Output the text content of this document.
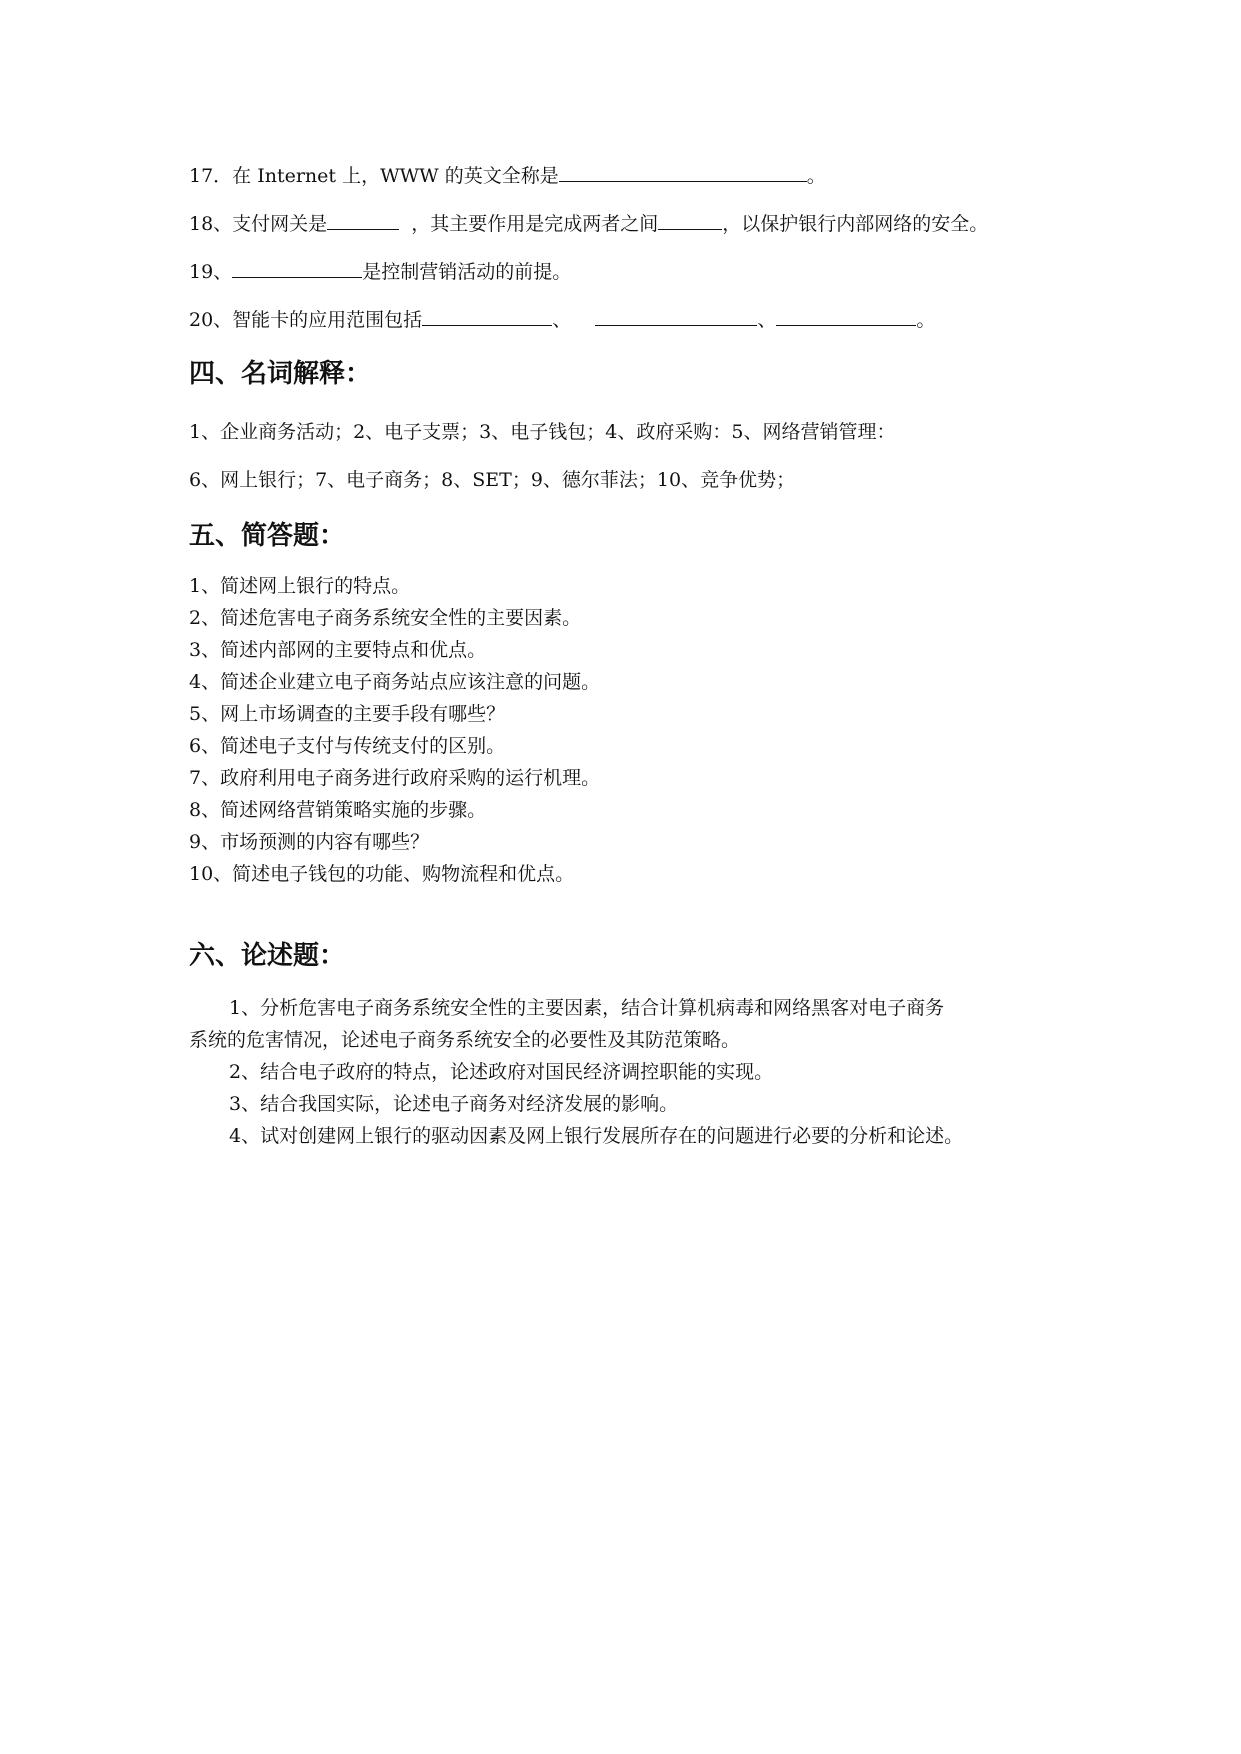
17．在 Internet 上，WWW 的英文全称是	。
18、支付网关是	，其主要作用是完成两者之间	，以保护银行内部网络的安全。
19、	是控制营销活动的前提。
20、智能卡的应用范围包括	、	、	。
四、名词解释：
1、企业商务活动；2、电子支票；3、电子钱包；4、政府采购：5、网络营销管理：
6、网上银行；7、电子商务；8、SET；9、德尔菲法；10、竞争优势；
五、简答题：
1、简述网上银行的特点。
2、简述危害电子商务系统安全性的主要因素。
3、简述内部网的主要特点和优点。
4、简述企业建立电子商务站点应该注意的问题。
5、网上市场调查的主要手段有哪些？
6、简述电子支付与传统支付的区别。
7、政府利用电子商务进行政府采购的运行机理。
8、简述网络营销策略实施的步骤。
9、市场预测的内容有哪些？
10、简述电子钱包的功能、购物流程和优点。
六、论述题：
1、分析危害电子商务系统安全性的主要因素，结合计算机病毒和网络黑客对电子商务
系统的危害情况，论述电子商务系统安全的必要性及其防范策略。
2、结合电子政府的特点，论述政府对国民经济调控职能的实现。
3、结合我国实际，论述电子商务对经济发展的影响。
4、试对创建网上银行的驱动因素及网上银行发展所存在的问题进行必要的分析和论述。
